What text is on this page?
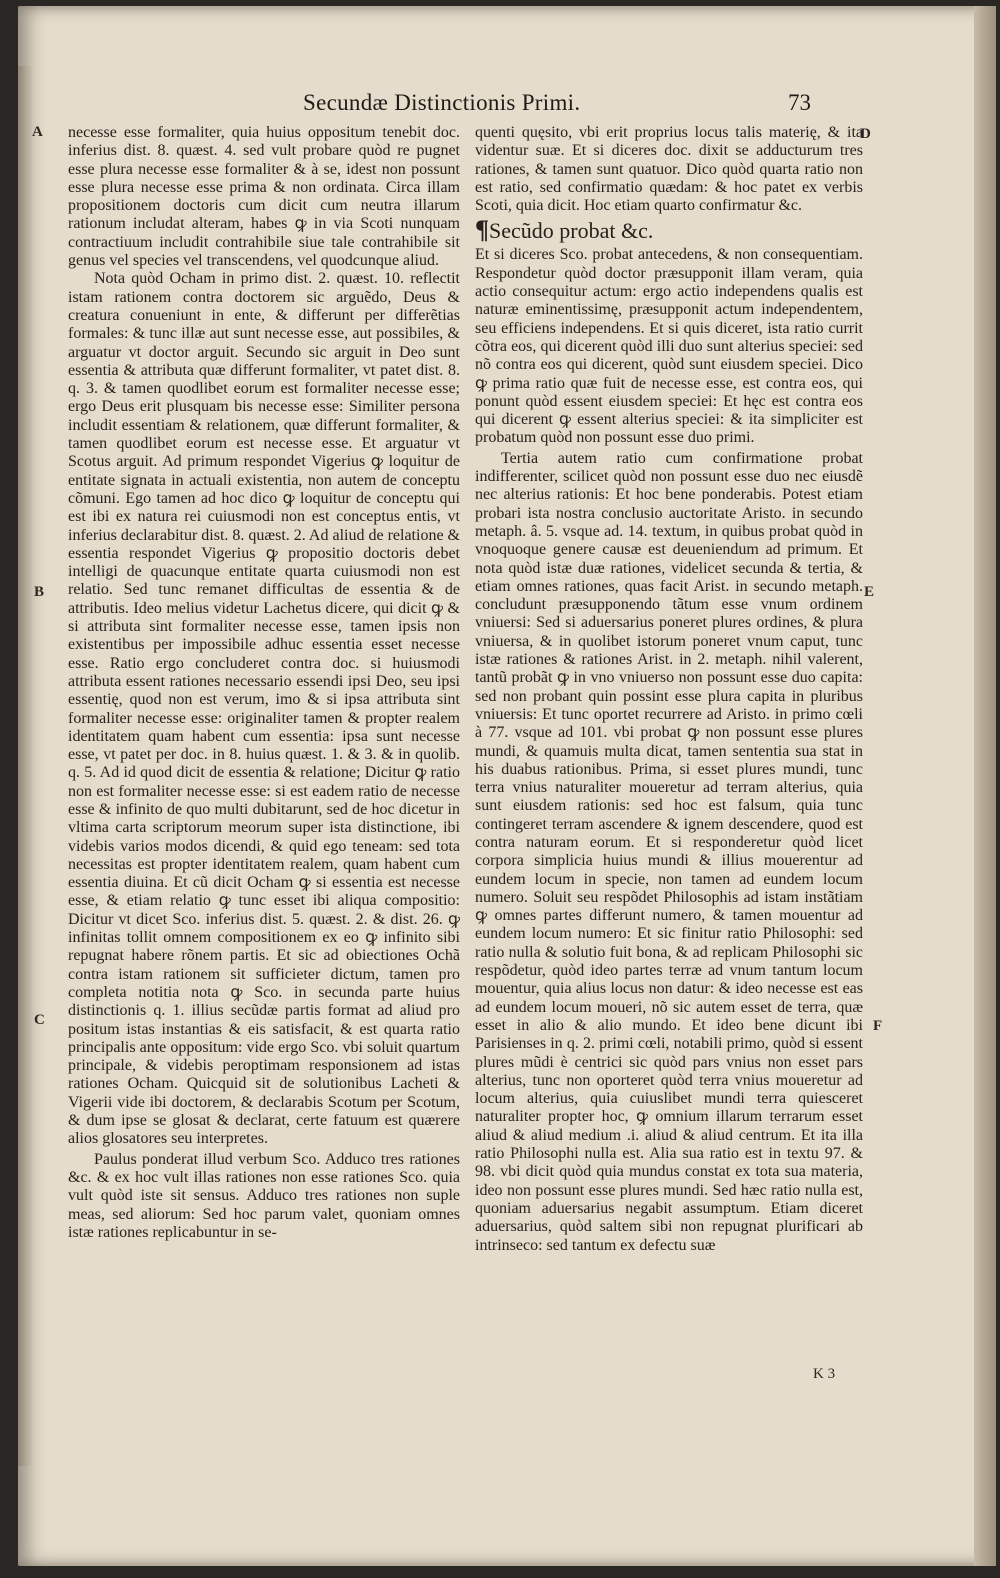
Secundæ Distinctionis Primi.	73
A
B
C
D
E
F

necesse esse formaliter, quia huius oppositum tenebit doc. inferius dist. 8. quæst. 4. sed vult probare quòd re pugnet esse plura necesse esse formaliter & à se, idest non possunt esse plura necesse esse prima & non ordinata. Circa illam propositionem doctoris cum dicit cum neutra illarum rationum includat alteram, habes ꝙ in via Scoti nunquam contractiuum includit contrahibile siue tale contrahibile sit genus vel species vel transcendens, vel quodcunque aliud.

Nota quòd Ocham in primo dist. 2. quæst. 10. reflectit istam rationem contra doctorem sic arguẽdo, Deus & creatura conueniunt in ente, & differunt per differẽtias formales: & tunc illæ aut sunt necesse esse, aut possibiles, & arguatur vt doctor arguit. Secundo sic arguit in Deo sunt essentia & attributa quæ differunt formaliter, vt patet dist. 8. q. 3. & tamen quodlibet eorum est formaliter necesse esse; ergo Deus erit plusquam bis necesse esse: Similiter persona includit essentiam & relationem, quæ differunt formaliter, & tamen quodlibet eorum est necesse esse. Et arguatur vt Scotus arguit. Ad primum respondet Vigerius ꝙ loquitur de entitate signata in actuali existentia, non autem de conceptu cõmuni. Ego tamen ad hoc dico ꝙ loquitur de conceptu qui est ibi ex natura rei cuiusmodi non est conceptus entis, vt inferius declarabitur dist. 8. quæst. 2. Ad aliud de relatione & essentia respondet Vigerius ꝙ propositio doctoris debet intelligi de quacunque entitate quarta cuiusmodi non est relatio. Sed tunc remanet difficultas de essentia & de attributis. Ideo melius videtur Lachetus dicere, qui dicit ꝙ & si attributa sint formaliter necesse esse, tamen ipsis non existentibus per impossibile adhuc essentia esset necesse esse. Ratio ergo concluderet contra doc. si huiusmodi attributa essent rationes necessario essendi ipsi Deo, seu ipsi essentię, quod non est verum, imo & si ipsa attributa sint formaliter necesse esse: originaliter tamen & propter realem identitatem quam habent cum essentia: ipsa sunt necesse esse, vt patet per doc. in 8. huius quæst. 1. & 3. & in quolib. q. 5. Ad id quod dicit de essentia & relatione; Dicitur ꝙ ratio non est formaliter necesse esse: si est eadem ratio de necesse esse & infinito de quo multi dubitarunt, sed de hoc dicetur in vltima carta scriptorum meorum super ista distinctione, ibi videbis varios modos dicendi, & quid ego teneam: sed tota necessitas est propter identitatem realem, quam habent cum essentia diuina. Et cũ dicit Ocham ꝙ si essentia est necesse esse, & etiam relatio ꝙ tunc esset ibi aliqua compositio: Dicitur vt dicet Sco. inferius dist. 5. quæst. 2. & dist. 26. ꝙ infinitas tollit omnem compositionem ex eo ꝙ infinito sibi repugnat habere rõnem partis. Et sic ad obiectiones Ochã contra istam rationem sit sufficieter dictum, tamen pro completa notitia nota ꝙ Sco. in secunda parte huius distinctionis q. 1. illius secũdæ partis format ad aliud pro positum istas instantias & eis satisfacit, & est quarta ratio principalis ante oppositum: vide ergo Sco. vbi soluit quartum principale, & videbis peroptimam responsionem ad istas rationes Ocham. Quicquid sit de solutionibus Lacheti & Vigerii vide ibi doctorem, & declarabis Scotum per Scotum, & dum ipse se glosat & declarat, certe fatuum est quærere alios glosatores seu interpretes.

Paulus ponderat illud verbum Sco. Adduco tres rationes &c. & ex hoc vult illas rationes non esse rationes Sco. quia vult quòd iste sit sensus. Adduco tres rationes non suple meas, sed aliorum: Sed hoc parum valet, quoniam omnes istæ rationes replicabuntur in se-

quenti quęsito, vbi erit proprius locus talis materię, & ita videntur suæ. Et si diceres doc. dixit se adducturum tres rationes, & tamen sunt quatuor. Dico quòd quarta ratio non est ratio, sed confirmatio quædam: & hoc patet ex verbis Scoti, quia dicit. Hoc etiam quarto confirmatur &c.

¶Secũdo probat &c.

Et si diceres Sco. probat antecedens, & non consequentiam. Respondetur quòd doctor præsupponit illam veram, quia actio consequitur actum: ergo actio independens qualis est naturæ eminentissimę, præsupponit actum independentem, seu efficiens independens. Et si quis diceret, ista ratio currit cõtra eos, qui dicerent quòd illi duo sunt alterius speciei: sed nõ contra eos qui dicerent, quòd sunt eiusdem speciei. Dico ꝙ prima ratio quæ fuit de necesse esse, est contra eos, qui ponunt quòd essent eiusdem speciei: Et hęc est contra eos qui dicerent ꝙ essent alterius speciei: & ita simpliciter est probatum quòd non possunt esse duo primi.

Tertia autem ratio cum confirmatione probat indifferenter, scilicet quòd non possunt esse duo nec eiusdẽ nec alterius rationis: Et hoc bene ponderabis. Potest etiam probari ista nostra conclusio auctoritate Aristo. in secundo metaph. â. 5. vsque ad. 14. textum, in quibus probat quòd in vnoquoque genere causæ est deueniendum ad primum. Et nota quòd istæ duæ rationes, videlicet secunda & tertia, & etiam omnes rationes, quas facit Arist. in secundo metaph. concludunt præsupponendo tãtum esse vnum ordinem vniuersi: Sed si aduersarius poneret plures ordines, & plura vniuersa, & in quolibet istorum poneret vnum caput, tunc istæ rationes & rationes Arist. in 2. metaph. nihil valerent, tantũ probãt ꝙ in vno vniuerso non possunt esse duo capita: sed non probant quin possint esse plura capita in pluribus vniuersis: Et tunc oportet recurrere ad Aristo. in primo cœli à 77. vsque ad 101. vbi probat ꝙ non possunt esse plures mundi, & quamuis multa dicat, tamen sententia sua stat in his duabus rationibus. Prima, si esset plures mundi, tunc terra vnius naturaliter moueretur ad terram alterius, quia sunt eiusdem rationis: sed hoc est falsum, quia tunc contingeret terram ascendere & ignem descendere, quod est contra naturam eorum. Et si responderetur quòd licet corpora simplicia huius mundi & illius mouerentur ad eundem locum in specie, non tamen ad eundem locum numero. Soluit seu respõdet Philosophis ad istam instãtiam ꝙ omnes partes differunt numero, & tamen mouentur ad eundem locum numero: Et sic finitur ratio Philosophi: sed ratio nulla & solutio fuit bona, & ad replicam Philosophi sic respõdetur, quòd ideo partes terræ ad vnum tantum locum mouentur, quia alius locus non datur: & ideo necesse est eas ad eundem locum moueri, nõ sic autem esset de terra, quæ esset in alio & alio mundo. Et ideo bene dicunt ibi Parisienses in q. 2. primi cœli, notabili primo, quòd si essent plures mũdi è centrici sic quòd pars vnius non esset pars alterius, tunc non oporteret quòd terra vnius moueretur ad locum alterius, quia cuiuslibet mundi terra quiesceret naturaliter propter hoc, ꝙ omnium illarum terrarum esset aliud & aliud medium .i. aliud & aliud centrum. Et ita illa ratio Philosophi nulla est. Alia sua ratio est in textu 97. & 98. vbi dicit quòd quia mundus constat ex tota sua materia, ideo non possunt esse plures mundi. Sed hæc ratio nulla est, quoniam aduersarius negabit assumptum. Etiam diceret aduersarius, quòd saltem sibi non repugnat plurificari ab intrinseco: sed tantum ex defectu suæ

K 3
